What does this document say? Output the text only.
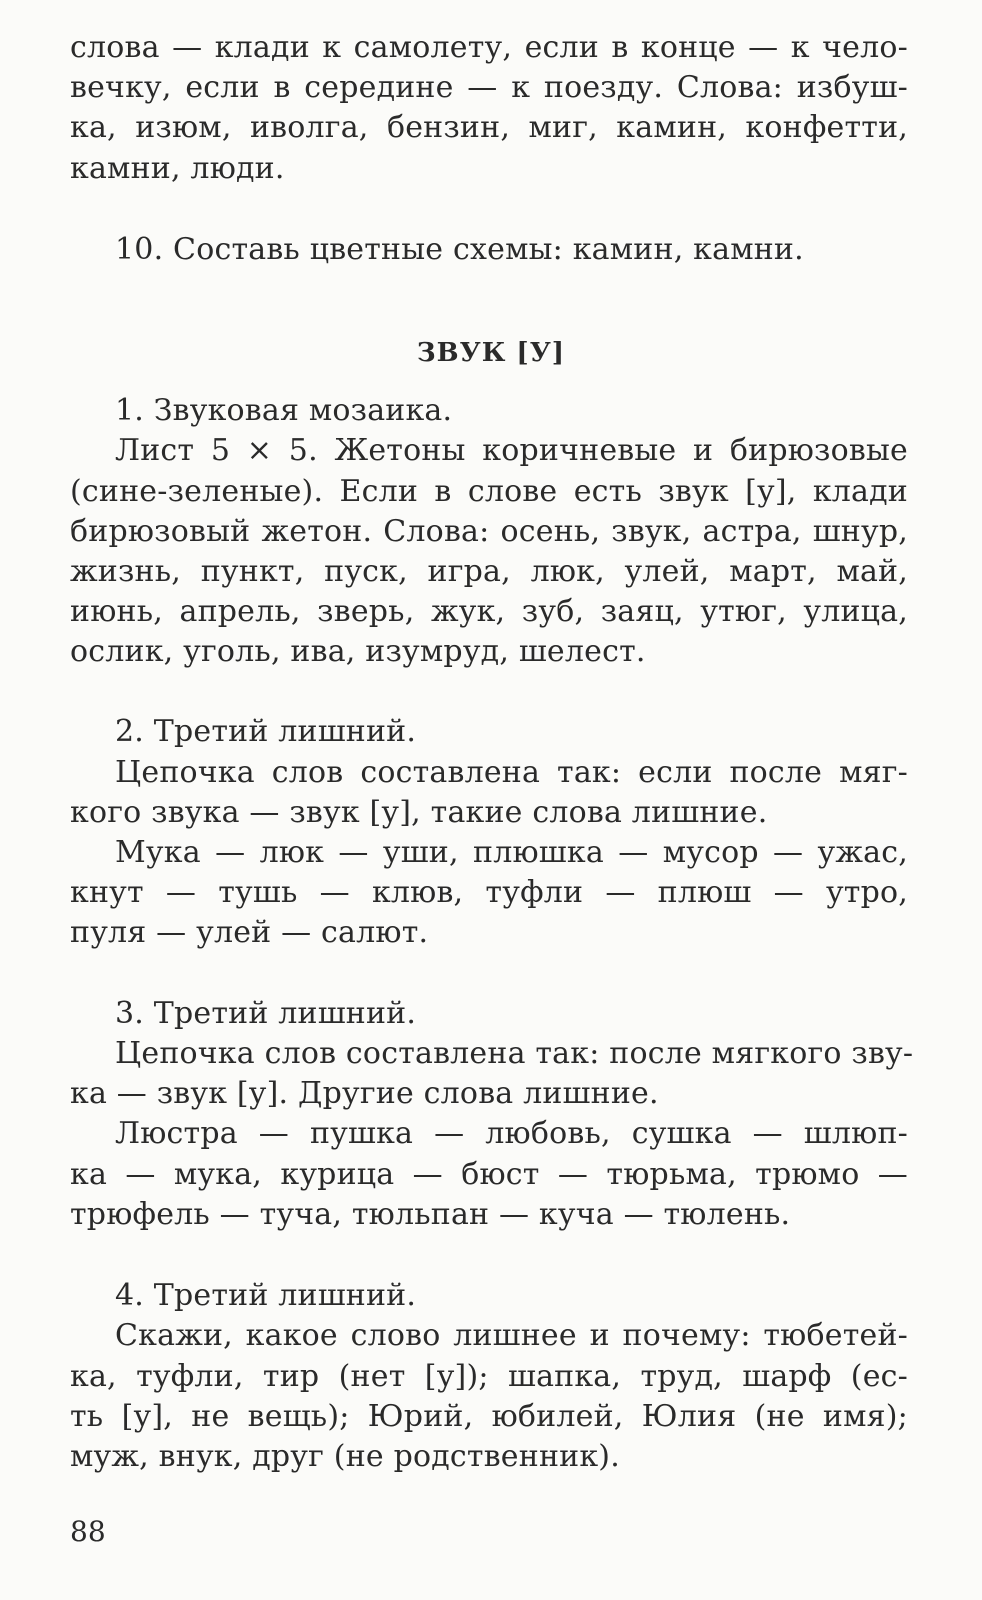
слова — клади к самолету, если в конце — к чело-
вечку, если в середине — к поезду. Слова: избуш-
ка, изюм, иволга, бензин, миг, камин, конфетти,
камни, люди.
10. Составь цветные схемы: камин, камни.
ЗВУК [У]
1. Звуковая мозаика.
Лист 5 × 5. Жетоны коричневые и бирюзовые
(сине-зеленые). Если в слове есть звук [у], клади
бирюзовый жетон. Слова: осень, звук, астра, шнур,
жизнь, пункт, пуск, игра, люк, улей, март, май,
июнь, апрель, зверь, жук, зуб, заяц, утюг, улица,
ослик, уголь, ива, изумруд, шелест.
2. Третий лишний.
Цепочка слов составлена так: если после мяг-
кого звука — звук [у], такие слова лишние.
Мука — люк — уши, плюшка — мусор — ужас,
кнут — тушь — клюв, туфли — плюш — утро,
пуля — улей — салют.
3. Третий лишний.
Цепочка слов составлена так: после мягкого зву-
ка — звук [у]. Другие слова лишние.
Люстра — пушка — любовь, сушка — шлюп-
ка — мука, курица — бюст — тюрьма, трюмо —
трюфель — туча, тюльпан — куча — тюлень.
4. Третий лишний.
Скажи, какое слово лишнее и почему: тюбетей-
ка, туфли, тир (нет [у]); шапка, труд, шарф (ес-
ть [у], не вещь); Юрий, юбилей, Юлия (не имя);
муж, внук, друг (не родственник).
88
